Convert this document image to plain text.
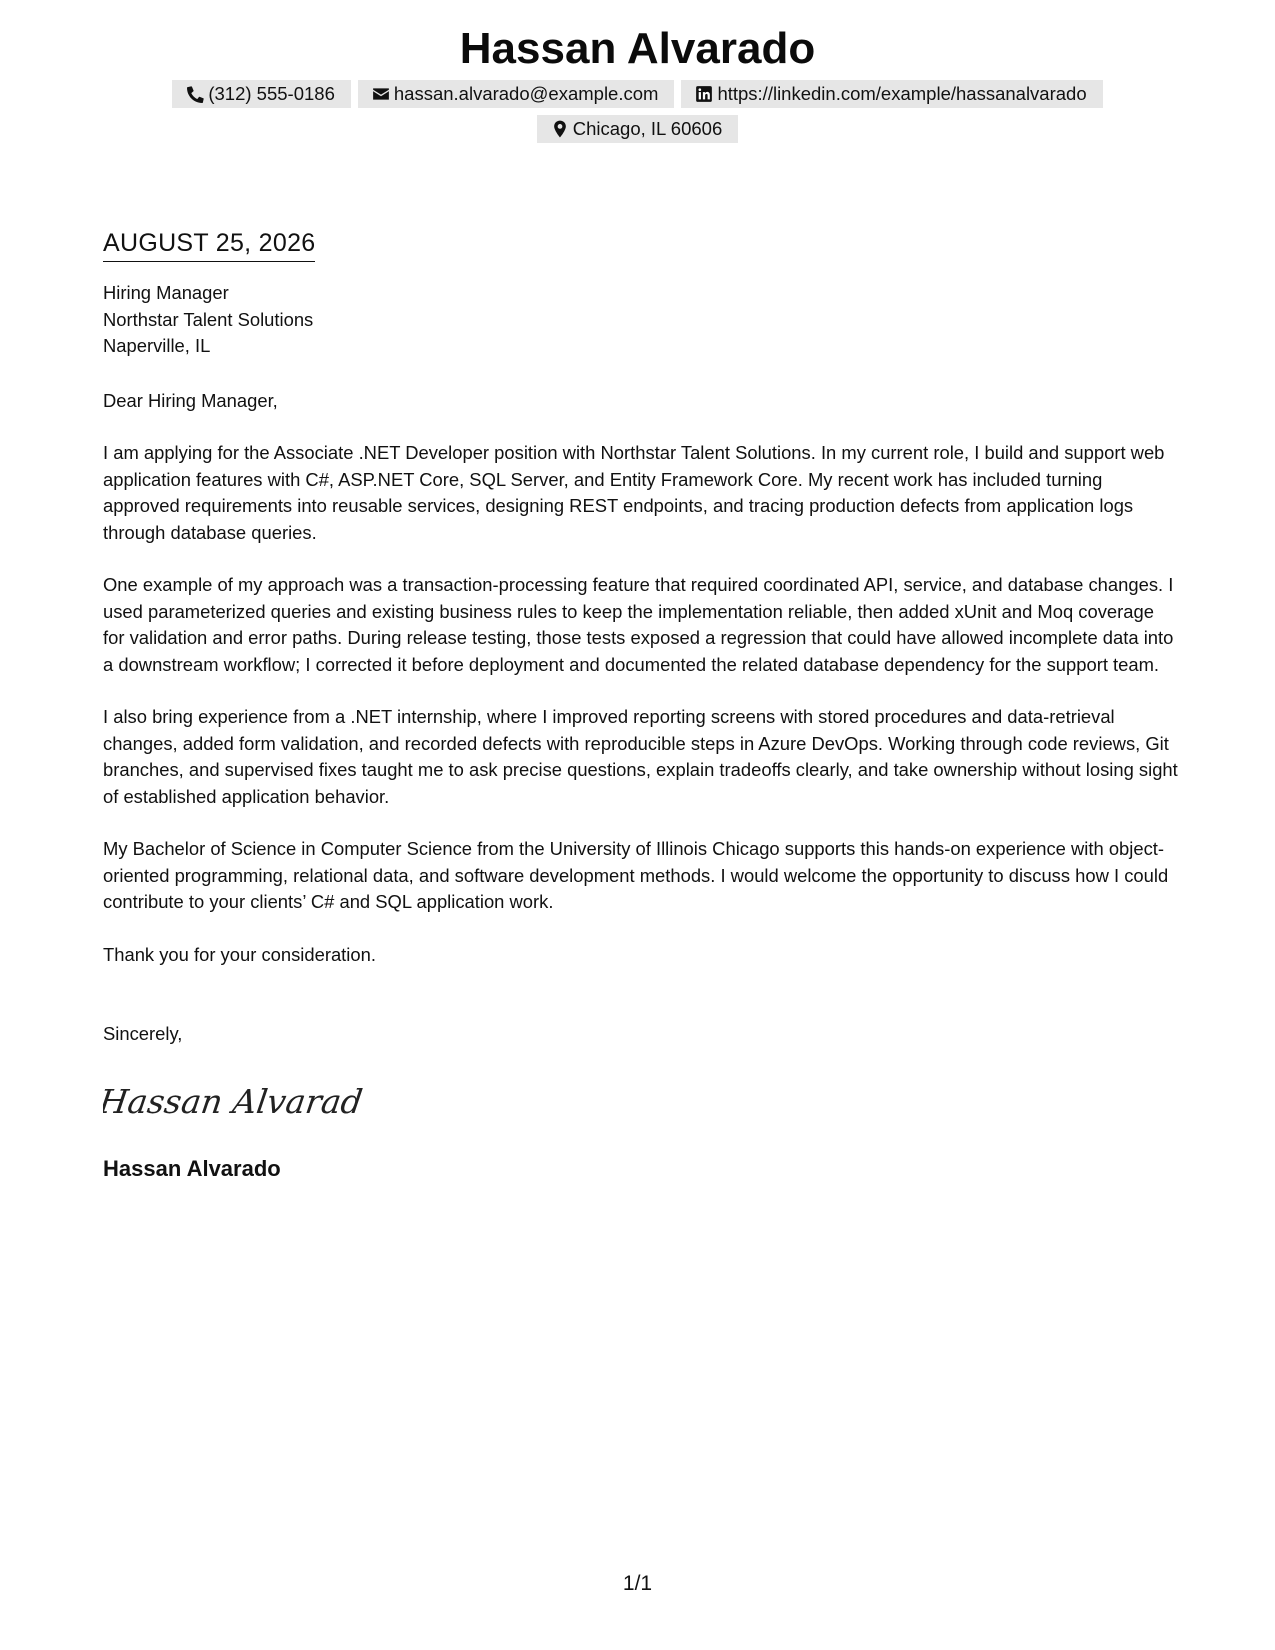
Hassan Alvarado
(312) 555-0186	hassan.alvarado@example.com	https://linkedin.com/example/hassanalvarado
Chicago, IL 60606
AUGUST 25, 2026
Hiring Manager
Northstar Talent Solutions
Naperville, IL
Dear Hiring Manager,

I am applying for the Associate .NET Developer position with Northstar Talent Solutions. In my current role, I build and support web application features with C#, ASP.NET Core, SQL Server, and Entity Framework Core. My recent work has included turning approved requirements into reusable services, designing REST endpoints, and tracing production defects from application logs through database queries.

One example of my approach was a transaction-processing feature that required coordinated API, service, and database changes. I used parameterized queries and existing business rules to keep the implementation reliable, then added xUnit and Moq coverage for validation and error paths. During release testing, those tests exposed a regression that could have allowed incomplete data into a downstream workflow; I corrected it before deployment and documented the related database dependency for the support team.

I also bring experience from a .NET internship, where I improved reporting screens with stored procedures and data-retrieval changes, added form validation, and recorded defects with reproducible steps in Azure DevOps. Working through code reviews, Git branches, and supervised fixes taught me to ask precise questions, explain tradeoffs clearly, and take ownership without losing sight of established application behavior.

My Bachelor of Science in Computer Science from the University of Illinois Chicago supports this hands-on experience with object-oriented programming, relational data, and software development methods. I would welcome the opportunity to discuss how I could contribute to your clients’ C# and SQL application work.

Thank you for your consideration.

Sincerely,
Hassan Alvarad
Hassan Alvarado
1/1
